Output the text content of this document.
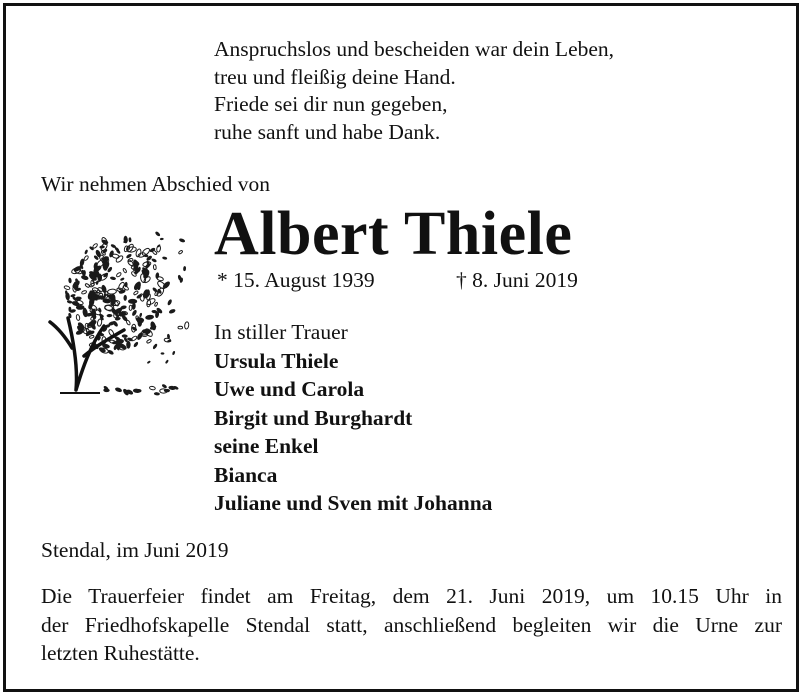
Anspruchslos und bescheiden war dein Leben,
treu und fleißig deine Hand.
Friede sei dir nun gegeben,
ruhe sanft und habe Dank.
Wir nehmen Abschied von
Albert Thiele
* 15. August 1939	† 8. Juni 2019
In stiller Trauer
Ursula Thiele
Uwe und Carola
Birgit und Burghardt
seine Enkel
Bianca
Juliane und Sven mit Johanna
Stendal, im Juni 2019
Die Trauerfeier findet am Freitag, dem 21. Juni 2019, um 10.15 Uhr in
der Friedhofskapelle Stendal statt, anschließend begleiten wir die Urne zur
letzten Ruhestätte.
